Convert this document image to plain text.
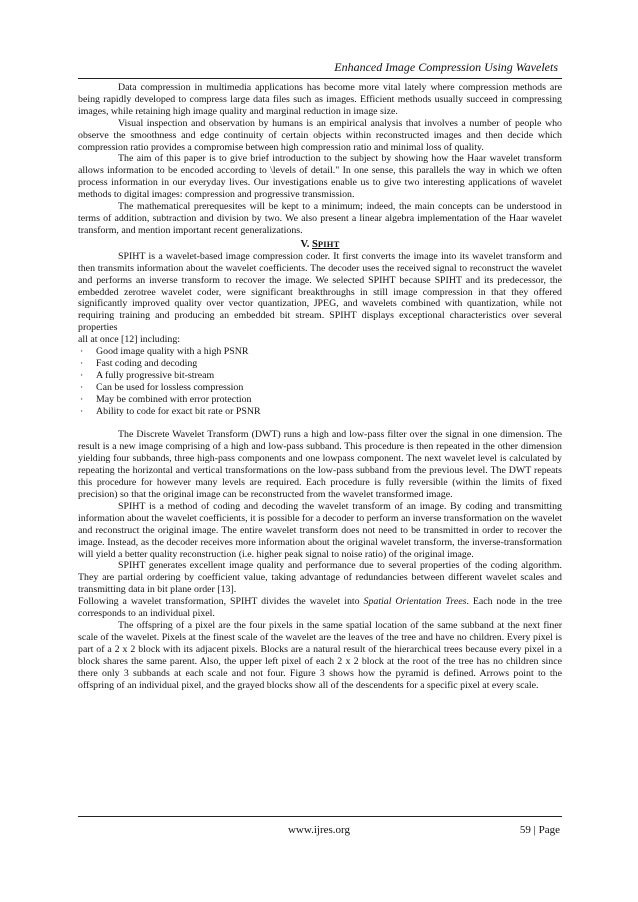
Enhanced Image Compression Using Wavelets

Data compression in multimedia applications has become more vital lately where compression methods are being rapidly developed to compress large data files such as images. Efficient methods usually succeed in compressing images, while retaining high image quality and marginal reduction in image size.

Visual inspection and observation by humans is an empirical analysis that involves a number of people who observe the smoothness and edge continuity of certain objects within reconstructed images and then decide which compression ratio provides a compromise between high compression ratio and minimal loss of quality.

The aim of this paper is to give brief introduction to the subject by showing how the Haar wavelet transform allows information to be encoded according to \levels of detail." In one sense, this parallels the way in which we often process information in our everyday lives. Our investigations enable us to give two interesting applications of wavelet methods to digital images: compression and progressive transmission.

The mathematical prerequesites will be kept to a minimum; indeed, the main concepts can be understood in terms of addition, subtraction and division by two. We also present a linear algebra implementation of the Haar wavelet transform, and mention important recent generalizations.

V. SPIHT

SPIHT is a wavelet-based image compression coder. It first converts the image into its wavelet transform and then transmits information about the wavelet coefficients. The decoder uses the received signal to reconstruct the wavelet and performs an inverse transform to recover the image. We selected SPIHT because SPIHT and its predecessor, the embedded zerotree wavelet coder, were significant breakthroughs in still image compression in that they offered significantly improved quality over vector quantization, JPEG, and wavelets combined with quantization, while not requiring training and producing an embedded bit stream. SPIHT displays exceptional characteristics over several properties

all at once [12] including:

· Good image quality with a high PSNR
· Fast coding and decoding
· A fully progressive bit-stream
· Can be used for lossless compression
· May be combined with error protection
· Ability to code for exact bit rate or PSNR

The Discrete Wavelet Transform (DWT) runs a high and low-pass filter over the signal in one dimension. The result is a new image comprising of a high and low-pass subband. This procedure is then repeated in the other dimension yielding four subbands, three high-pass components and one lowpass component. The next wavelet level is calculated by repeating the horizontal and vertical transformations on the low-pass subband from the previous level. The DWT repeats this procedure for however many levels are required. Each procedure is fully reversible (within the limits of fixed precision) so that the original image can be reconstructed from the wavelet transformed image.

SPIHT is a method of coding and decoding the wavelet transform of an image. By coding and transmitting information about the wavelet coefficients, it is possible for a decoder to perform an inverse transformation on the wavelet and reconstruct the original image. The entire wavelet transform does not need to be transmitted in order to recover the image. Instead, as the decoder receives more information about the original wavelet transform, the inverse-transformation will yield a better quality reconstruction (i.e. higher peak signal to noise ratio) of the original image.

SPIHT generates excellent image quality and performance due to several properties of the coding algorithm. They are partial ordering by coefficient value, taking advantage of redundancies between different wavelet scales and transmitting data in bit plane order [13].

Following a wavelet transformation, SPIHT divides the wavelet into Spatial Orientation Trees. Each node in the tree corresponds to an individual pixel.

The offspring of a pixel are the four pixels in the same spatial location of the same subband at the next finer scale of the wavelet. Pixels at the finest scale of the wavelet are the leaves of the tree and have no children. Every pixel is part of a 2 x 2 block with its adjacent pixels. Blocks are a natural result of the hierarchical trees because every pixel in a block shares the same parent. Also, the upper left pixel of each 2 x 2 block at the root of the tree has no children since there only 3 subbands at each scale and not four. Figure 3 shows how the pyramid is defined. Arrows point to the offspring of an individual pixel, and the grayed blocks show all of the descendents for a specific pixel at every scale.

www.ijres.org	59 | Page
